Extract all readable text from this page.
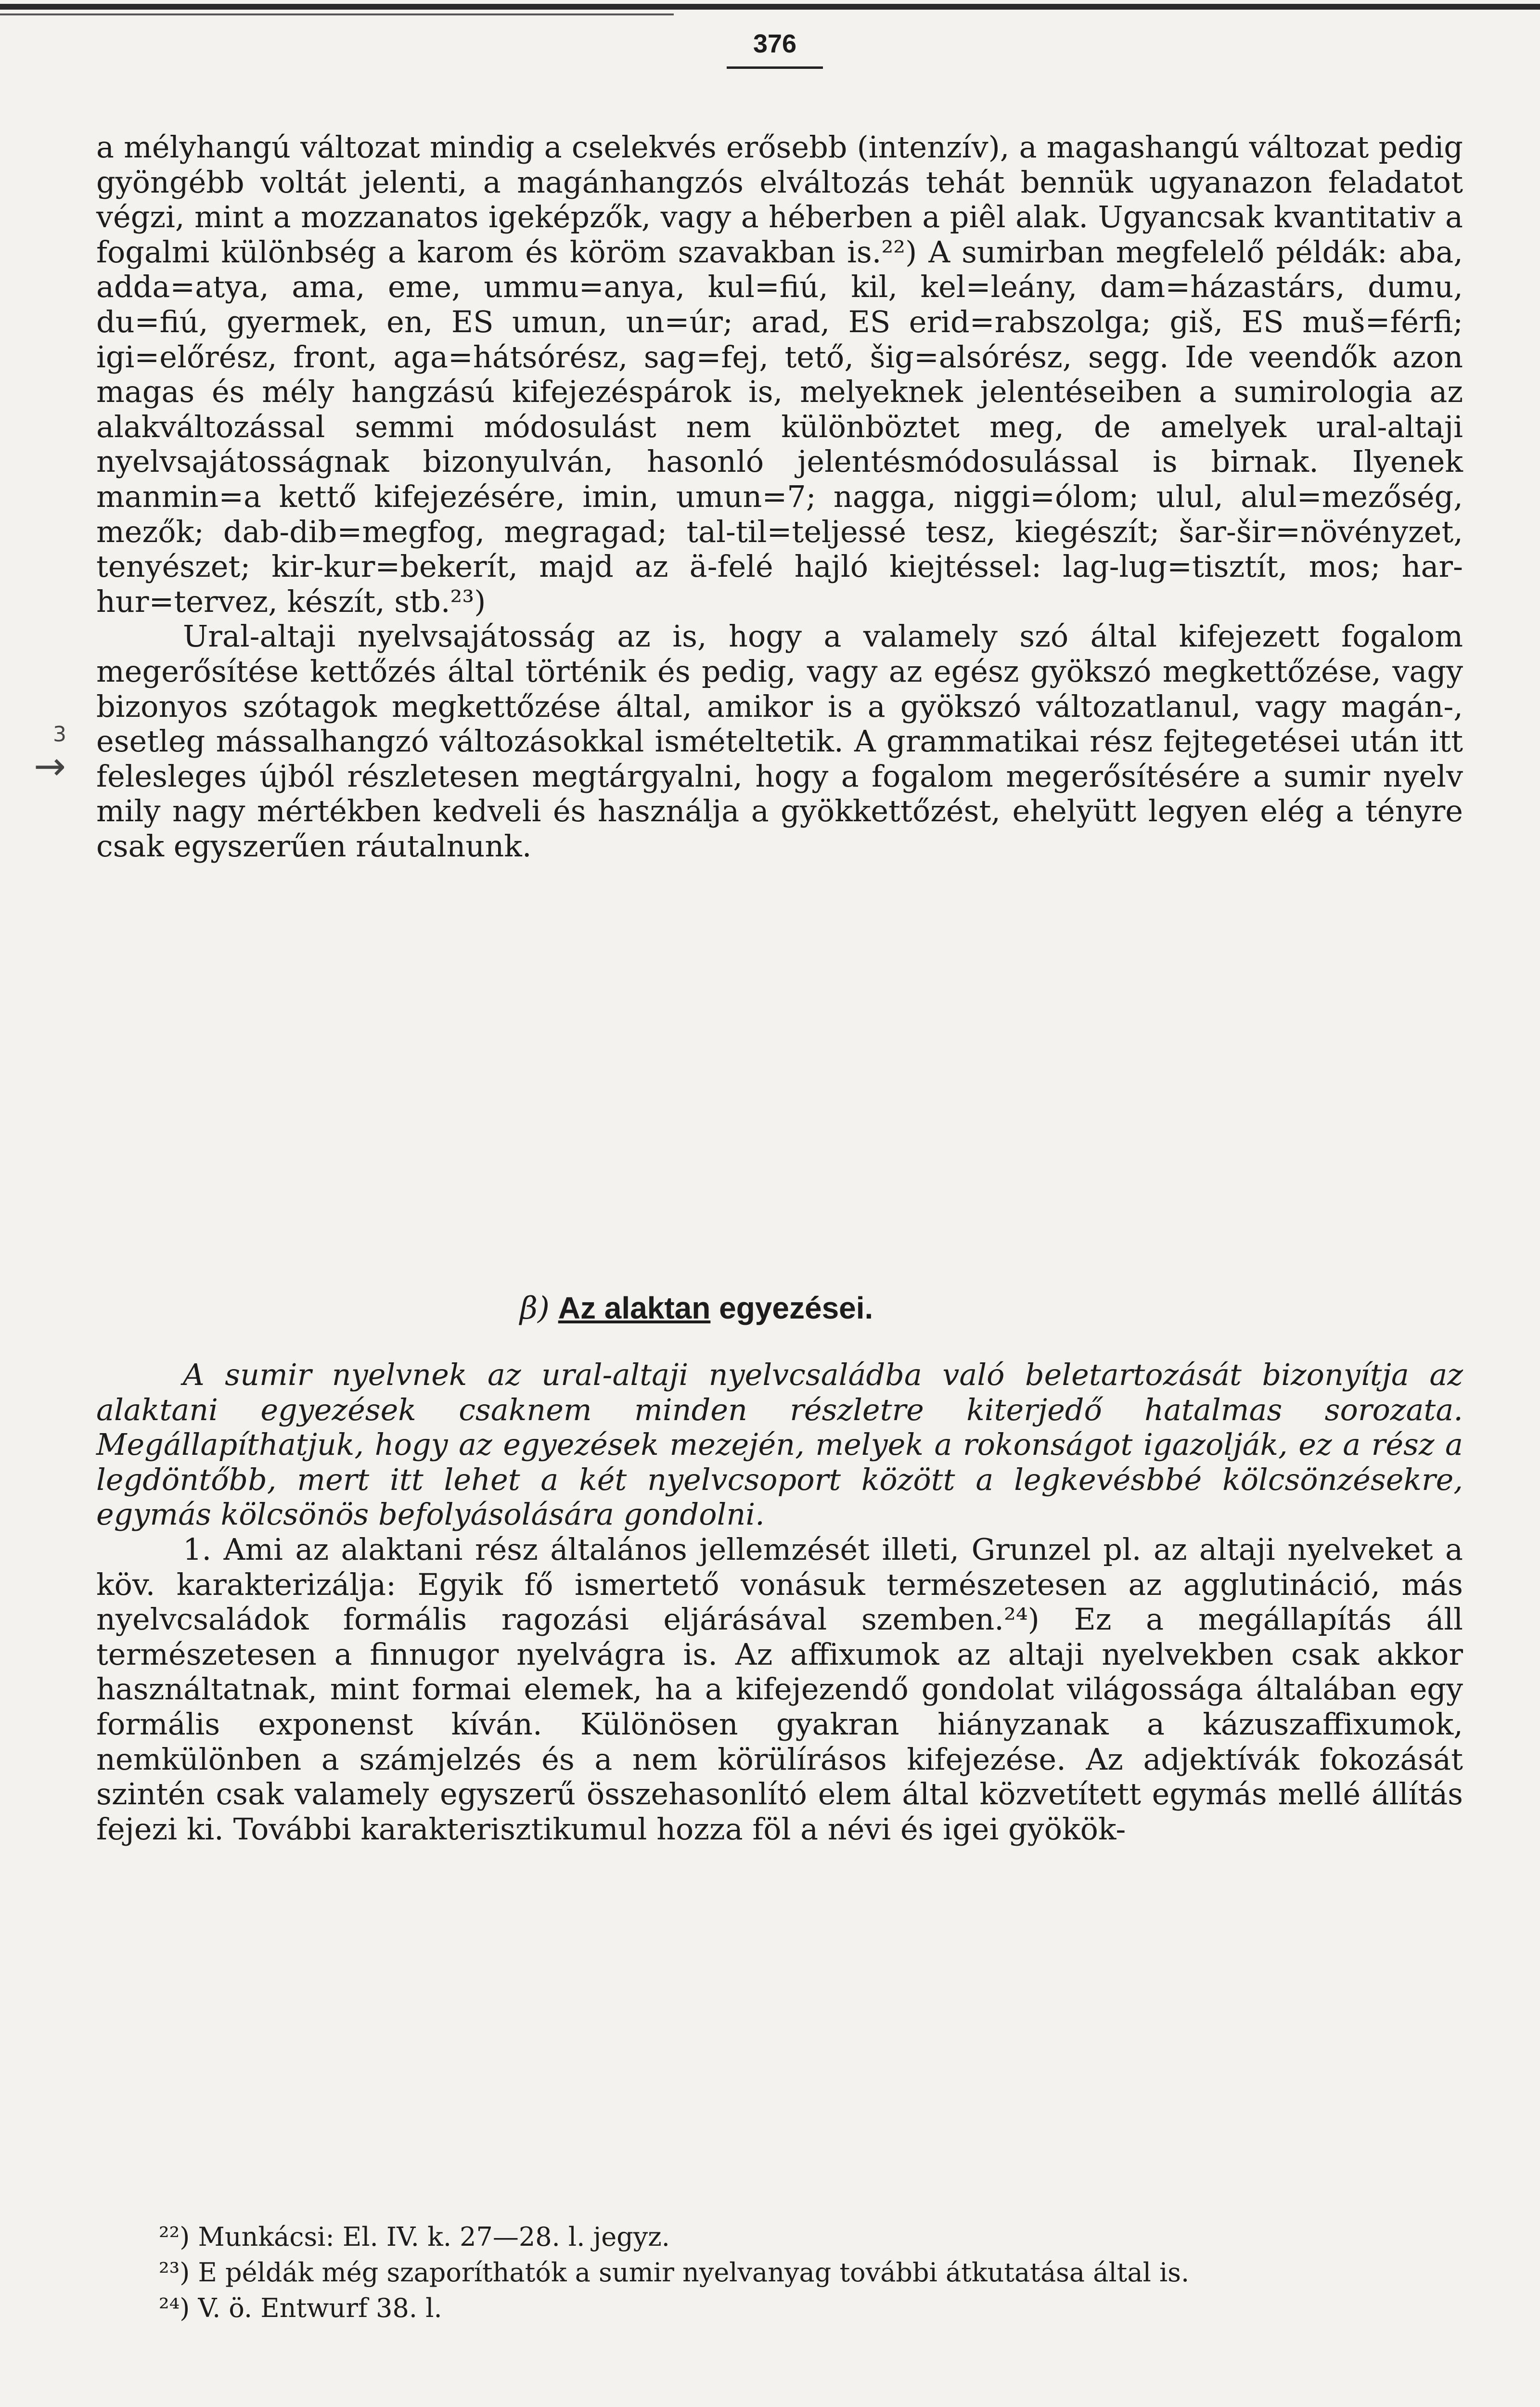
376
→
3

a mélyhangú változat mindig a cselekvés erősebb (intenzív), a magashangú változat pedig gyöngébb voltát jelenti, a magánhangzós elváltozás tehát bennük ugyanazon feladatot végzi, mint a mozzanatos igeképzők, vagy a héberben a piêl alak. Ugyancsak kvantitativ a fogalmi különbség a karom és köröm szavakban is.²²) A sumirban megfelelő példák: aba, adda=atya, ama, eme, ummu=anya, kul=fiú, kil, kel=leány, dam=házastárs, dumu, du=fiú, gyermek, en, ES umun, un=úr; arad, ES erid=rabszolga; giš, ES muš=férfi; igi=előrész, front, aga=hátsórész, sag=fej, tető, šig=alsórész, segg. Ide veendők azon magas és mély hangzású kifejezéspárok is, melyeknek jelentéseiben a sumirologia az alakváltozással semmi módosulást nem különböztet meg, de amelyek ural-altaji nyelvsajátosságnak bizonyulván, hasonló jelentésmódosulással is birnak. Ilyenek manmin=a kettő kifejezésére, imin, umun=7; nagga, niggi=ólom; ulul, alul=mezőség, mezők; dab-dib=megfog, megragad; tal-til=teljessé tesz, kiegészít; šar-šir=növényzet, tenyészet; kir-kur=bekerít, majd az ä-felé hajló kiejtéssel: lag-lug=tisztít, mos; har-hur=tervez, készít, stb.²³)

Ural-altaji nyelvsajátosság az is, hogy a valamely szó által kifejezett fogalom megerősítése kettőzés által történik és pedig, vagy az egész gyökszó megkettőzése, vagy bizonyos szótagok megkettőzése által, amikor is a gyökszó változatlanul, vagy magán-, esetleg mássalhangzó változásokkal ismételtetik. A grammatikai rész fejtegetései után itt felesleges újból részletesen megtárgyalni, hogy a fogalom megerősítésére a sumir nyelv mily nagy mértékben kedveli és használja a gyökkettőzést, ehelyütt legyen elég a tényre csak egyszerűen ráutalnunk.

β) Az alaktan egyezései.

A sumir nyelvnek az ural-altaji nyelvcsaládba való beletartozását bizonyítja az alaktani egyezések csaknem minden részletre kiterjedő hatalmas sorozata. Megállapíthatjuk, hogy az egyezések mezején, melyek a rokonságot igazolják, ez a rész a legdöntőbb, mert itt lehet a két nyelvcsoport között a legkevésbbé kölcsönzésekre, egymás kölcsönös befolyásolására gondolni.

1. Ami az alaktani rész általános jellemzését illeti, Grunzel pl. az altaji nyelveket a köv. karakterizálja: Egyik fő ismertető vonásuk természetesen az agglutináció, más nyelvcsaládok formális ragozási eljárásával szemben.²⁴) Ez a megállapítás áll természetesen a finnugor nyelvágra is. Az affixumok az altaji nyelvekben csak akkor használtatnak, mint formai elemek, ha a kifejezendő gondolat világossága általában egy formális exponenst kíván. Különösen gyakran hiányzanak a kázuszaffixumok, nemkülönben a számjelzés és a nem körülírásos kifejezése. Az adjektívák fokozását szintén csak valamely egyszerű összehasonlító elem által közvetített egymás mellé állítás fejezi ki. További karakterisztikumul hozza föl a névi és igei gyökök-

²²) Munkácsi: El. IV. k. 27—28. l. jegyz.

²³) E példák még szaporíthatók a sumir nyelvanyag további átkutatása által is.

²⁴) V. ö. Entwurf 38. l.
